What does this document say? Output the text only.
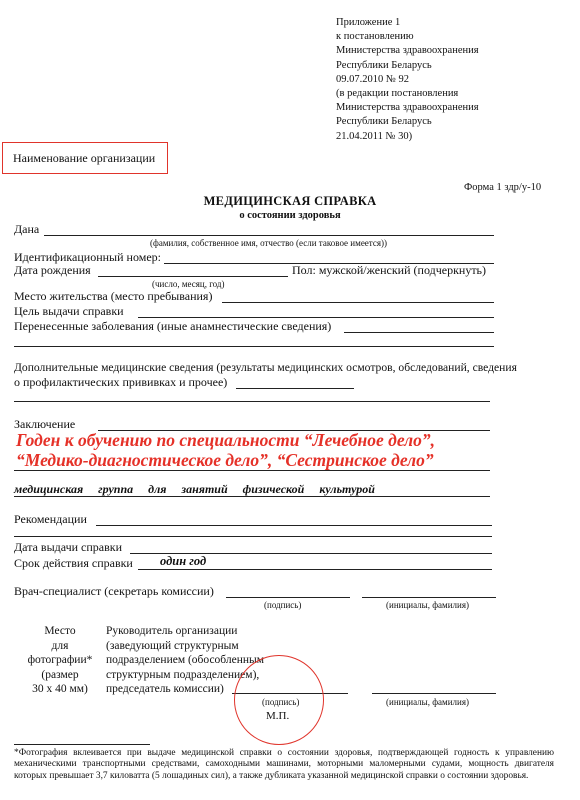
Приложение 1
к постановлению
Министерства здравоохранения
Республики Беларусь
09.07.2010 № 92
(в редакции постановления
Министерства здравоохранения
Республики Беларусь
21.04.2011 № 30)
Наименование организации
Форма 1 здр/у-10
МЕДИЦИНСКАЯ СПРАВКА
о состоянии здоровья
Дана
(фамилия, собственное имя, отчество (если таковое имеется))
Идентификационный номер:
Дата рождения	Пол: мужской/женский (подчеркнуть)
(число, месяц, год)
Место жительства (место пребывания)
Цель выдачи справки
Перенесенные заболевания (иные анамнестические сведения)
Дополнительные медицинские сведения (результаты медицинских осмотров, обследований, сведения
о профилактических прививках и прочее)
Заключение
Годен к обучению по специальности “Лечебное дело”,
“Медико-диагностическое дело”, “Сестринское дело”
медицинская группа для занятий физической культурой
Рекомендации
Дата выдачи справки
Срок действия справки один год
Врач-специалист (секретарь комиссии)
(подпись)	(инициалы, фамилия)
Место
для
фотографии*
(размер
30 х 40 мм)
Руководитель организации
(заведующий структурным
подразделением (обособленным
структурным подразделением),
председатель комиссии)
(подпись)	(инициалы, фамилия)
М.П.
*Фотография вклеивается при выдаче медицинской справки о состоянии здоровья, подтверждающей годность к управлению механическими транспортными средствами, самоходными машинами, моторными маломерными судами, мощность двигателя которых превышает 3,7 киловатта (5 лошадиных сил), а также дубликата указанной медицинской справки о состоянии здоровья.
